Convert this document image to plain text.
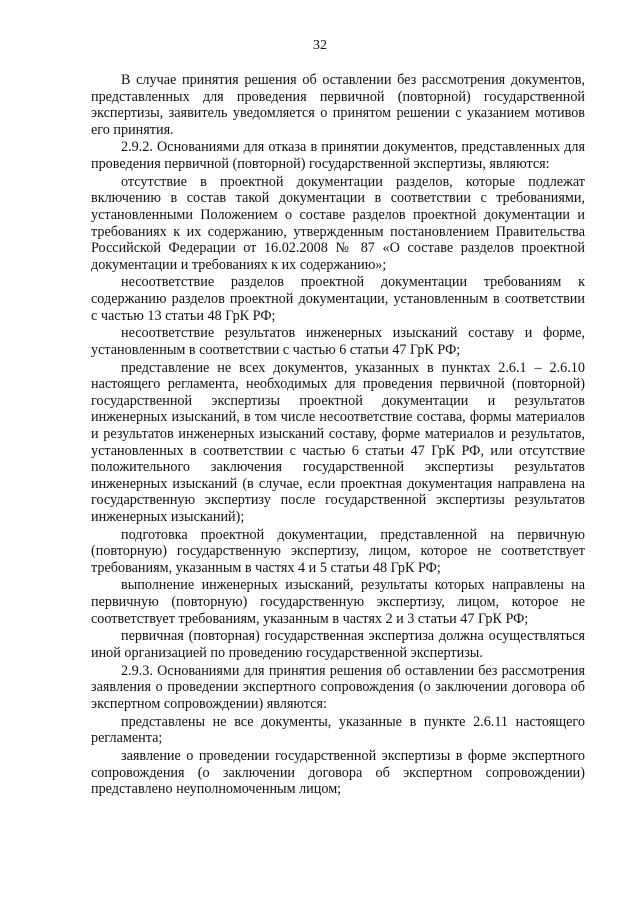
32

В случае принятия решения об оставлении без рассмотрения документов, представленных для проведения первичной (повторной) государственной экспертизы, заявитель уведомляется о принятом решении с указанием мотивов его принятия.

2.9.2. Основаниями для отказа в принятии документов, представленных для проведения первичной (повторной) государственной экспертизы, являются:

отсутствие в проектной документации разделов, которые подлежат включению в состав такой документации в соответствии с требованиями, установленными Положением о составе разделов проектной документации и требованиях к их содержанию, утвержденным постановлением Правительства Российской Федерации от 16.02.2008 № 87 «О составе разделов проектной документации и требованиях к их содержанию»;

несоответствие разделов проектной документации требованиям к содержанию разделов проектной документации, установленным в соответствии с частью 13 статьи 48 ГрК РФ;

несоответствие результатов инженерных изысканий составу и форме, установленным в соответствии с частью 6 статьи 47 ГрК РФ;

представление не всех документов, указанных в пунктах 2.6.1 – 2.6.10 настоящего регламента, необходимых для проведения первичной (повторной) государственной экспертизы проектной документации и результатов инженерных изысканий, в том числе несоответствие состава, формы материалов и результатов инженерных изысканий составу, форме материалов и результатов, установленных в соответствии с частью 6 статьи 47 ГрК РФ, или отсутствие положительного заключения государственной экспертизы результатов инженерных изысканий (в случае, если проектная документация направлена на государственную экспертизу после государственной экспертизы результатов инженерных изысканий);

подготовка проектной документации, представленной на первичную (повторную) государственную экспертизу, лицом, которое не соответствует требованиям, указанным в частях 4 и 5 статьи 48 ГрК РФ;

выполнение инженерных изысканий, результаты которых направлены на первичную (повторную) государственную экспертизу, лицом, которое не соответствует требованиям, указанным в частях 2 и 3 статьи 47 ГрК РФ;

первичная (повторная) государственная экспертиза должна осуществляться иной организацией по проведению государственной экспертизы.

2.9.3. Основаниями для принятия решения об оставлении без рассмотрения заявления о проведении экспертного сопровождения (о заключении договора об экспертном сопровождении) являются:

представлены не все документы, указанные в пункте 2.6.11 настоящего регламента;

заявление о проведении государственной экспертизы в форме экспертного сопровождения (о заключении договора об экспертном сопровождении) представлено неуполномоченным лицом;
